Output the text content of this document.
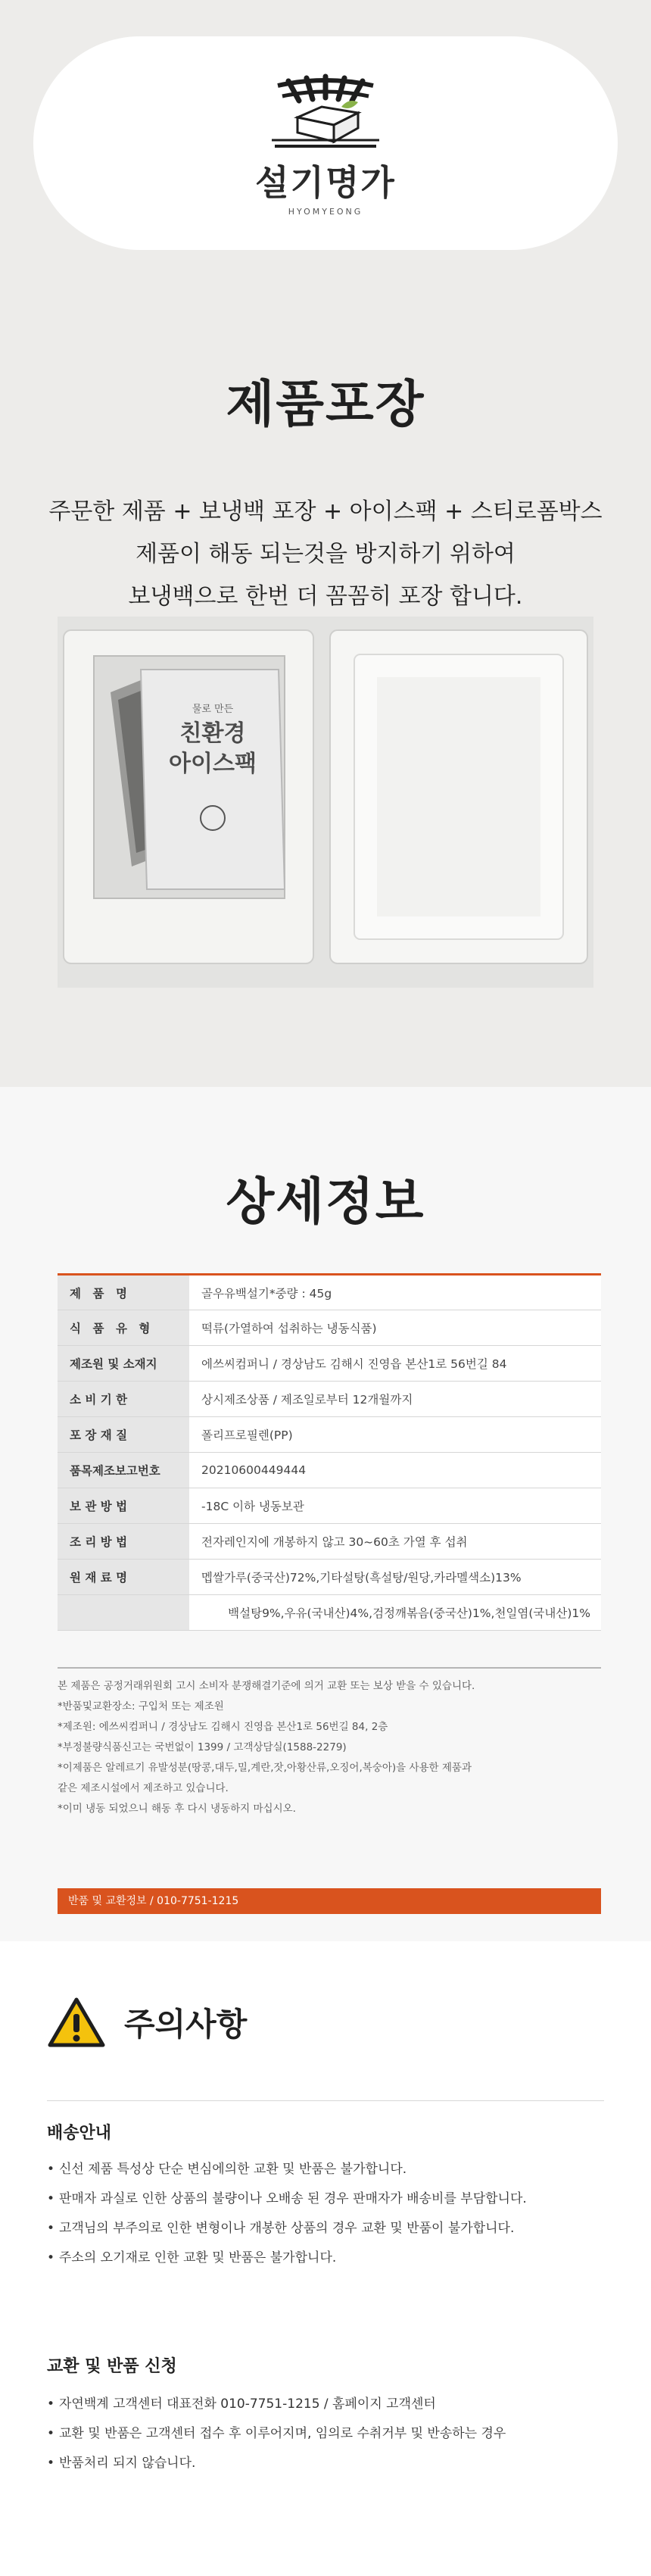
설기명가
HYOMYEONG
제품포장

주문한 제품 + 보냉백 포장 + 아이스팩 + 스티로폼박스

제품이 해동 되는것을 방지하기 위하여

보냉백으로 한번 더 꼼꼼히 포장 합니다.

물로 만든
친환경
아이스팩
상세정보
제　품　명	골우유백설기*중량 : 45g
식　품　유　형	떡류(가열하여 섭취하는 냉동식품)
제조원 및 소재지	에쓰씨컴퍼니 / 경상남도 김해시 진영읍 본산1로 56번길 84
소 비 기 한	상시제조상품 / 제조일로부터 12개월까지
포 장 재 질	폴리프로필렌(PP)
품목제조보고번호	20210600449444
보 관 방 법	-18C 이하 냉동보관
조 리 방 법	전자레인지에 개봉하지 않고 30~60초 가열 후 섭취
원 재 료 명	멥쌀가루(중국산)72%,기타설탕(흑설탕/원당,카라멜색소)13%
	백설탕9%,우유(국내산)4%,검정깨볶음(중국산)1%,천일염(국내산)1%

본 제품은 공정거래위원회 고시 소비자 분쟁해결기준에 의거 교환 또는 보상 받을 수 있습니다.

*반품및교환장소: 구입처 또는 제조원

*제조원: 에쓰씨컴퍼니 / 경상남도 김해시 진영읍 본산1로 56번길 84, 2층

*부정불량식품신고는 국번없이 1399 / 고객상담실(1588-2279)

*이제품은 알레르기 유발성분(땅콩,대두,밀,계란,잣,아황산류,오징어,복숭아)을 사용한 제품과

같은 제조시설에서 제조하고 있습니다.

*이미 냉동 되었으니 해동 후 다시 냉동하지 마십시오.

반품 및 교환정보 / 010-7751-1215
주의사항
배송안내
• 신선 제품 특성상 단순 변심에의한 교환 및 반품은 불가합니다.
• 판매자 과실로 인한 상품의 불량이나 오배송 된 경우 판매자가 배송비를 부담합니다.
• 고객님의 부주의로 인한 변형이나 개봉한 상품의 경우 교환 및 반품이 불가합니다.
• 주소의 오기재로 인한 교환 및 반품은 불가합니다.
교환 및 반품 신청
• 자연백계 고객센터 대표전화 010-7751-1215 / 홈페이지 고객센터
• 교환 및 반품은 고객센터 접수 후 이루어지며, 임의로 수취거부 및 반송하는 경우
• 반품처리 되지 않습니다.
